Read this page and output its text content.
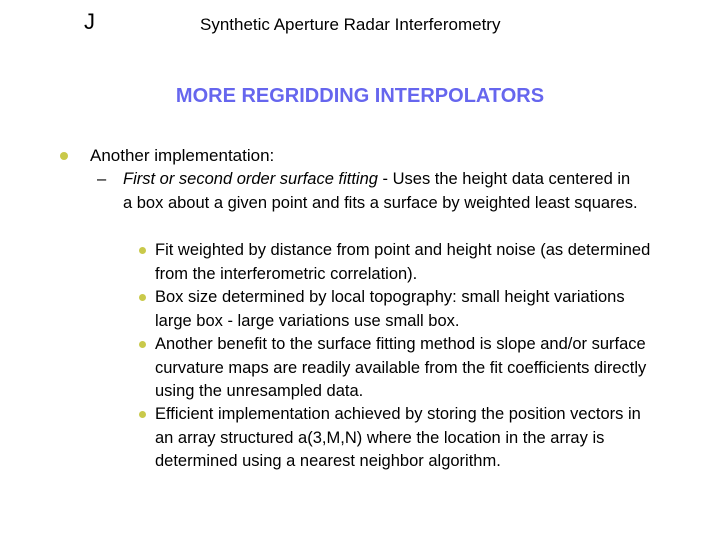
J	Synthetic Aperture Radar Interferometry
MORE REGRIDDING INTERPOLATORS
Another implementation:
– First or second order surface fitting - Uses the height data centered in a box about a given point and fits a surface by weighted least squares.
Fit weighted by distance from point and height noise (as determined from the interferometric correlation).
Box size determined by local topography: small height variations large box - large variations use small box.
Another benefit to the surface fitting method is slope and/or surface curvature maps are readily available from the fit coefficients directly using the unresampled data.
Efficient implementation achieved by storing the position vectors in an array structured a(3,M,N) where the location in the array is determined using a nearest neighbor algorithm.
